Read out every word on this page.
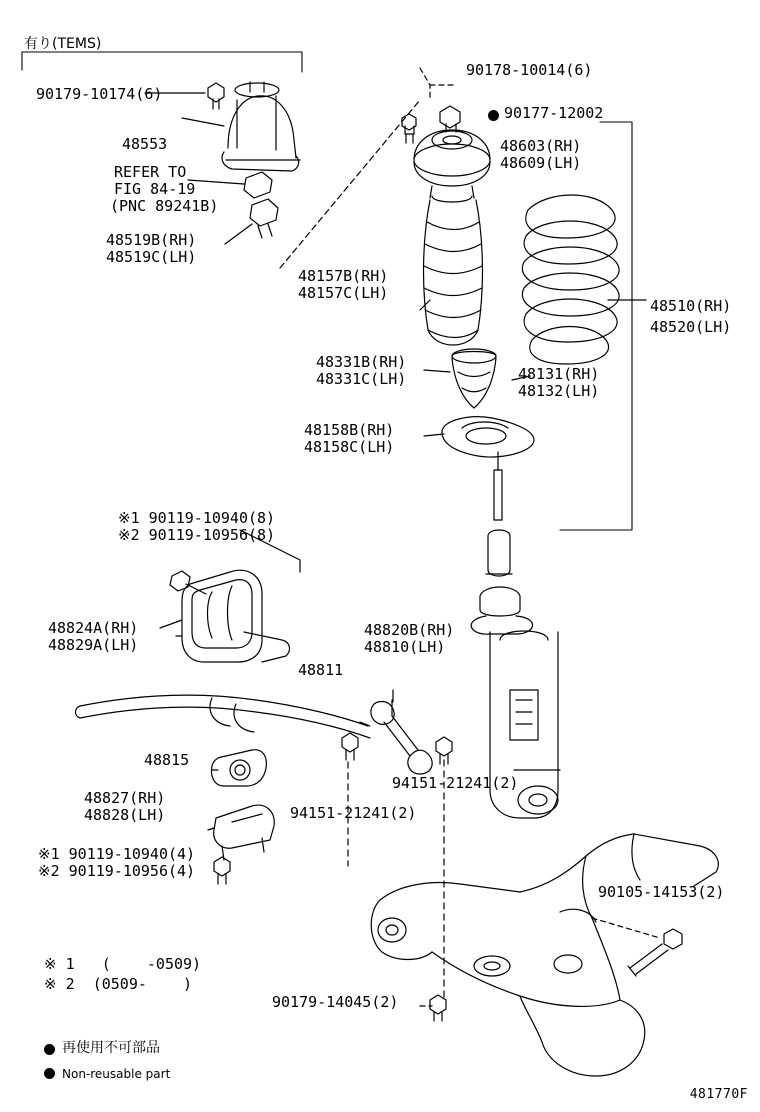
有り(TEMS)
90179-10174(6)
48553
REFER TO
FIG 84-19
(PNC 89241B)
48519B(RH)
48519C(LH)
90178-10014(6)
90177-12002
48603(RH)
48609(LH)
48157B(RH)
48157C(LH)
48510(RH)
48520(LH)
48331B(RH)
48331C(LH)	48131(RH)
48132(LH)
48158B(RH)
48158C(LH)
※1 90119-10940(8)
※2 90119-10956(8)
48824A(RH)
48829A(LH)
48820B(RH)
48810(LH)
48811
48815
48827(RH)
48828(LH)
※1 90119-10940(4)
※2 90119-10956(4)
94151-21241(2)
94151-21241(2)
90105-14153(2)
90179-14045(2)
※ 1   (    -0509)
※ 2  (0509-    )
再使用不可部品
Non-reusable part
481770F
